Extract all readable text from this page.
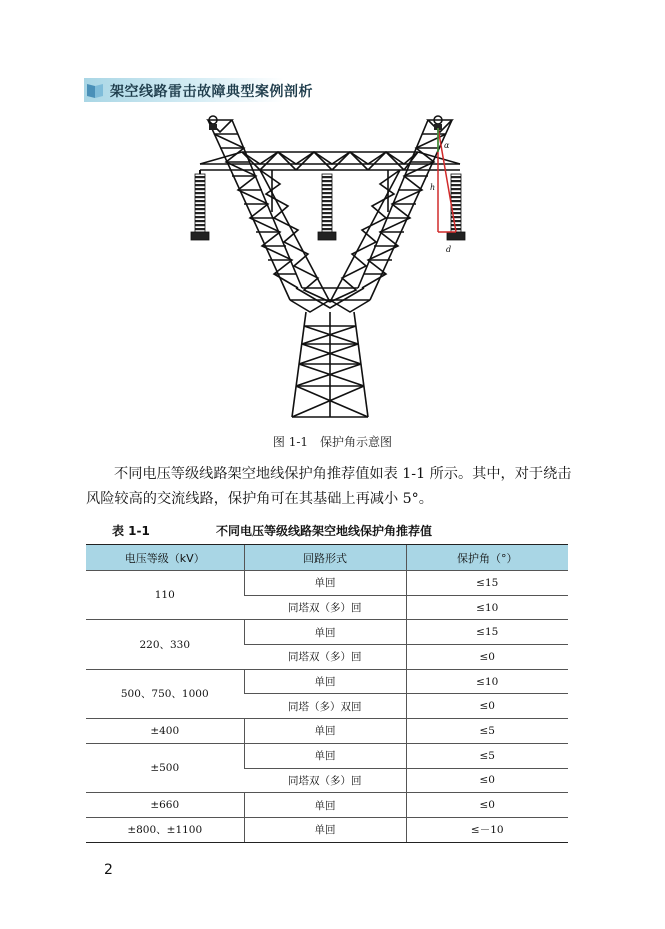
架空线路雷击故障典型案例剖析
α
h
d
图 1-1　保护角示意图
不同电压等级线路架空地线保护角推荐值如表 1-1 所示。其中，对于绕击风险较高的交流线路，保护角可在其基础上再减小 5°。
表 1-1	不同电压等级线路架空地线保护角推荐值
电压等级（kV）	回路形式	保护角（°）
110	单回	≤15
	同塔双（多）回	≤10
220、330	单回	≤15
	同塔双（多）回	≤0
500、750、1000	单回	≤10
	同塔（多）双回	≤0
±400	单回	≤5
±500	单回	≤5
	同塔双（多）回	≤0
±660	单回	≤0
±800、±1100	单回	≤－10
2
